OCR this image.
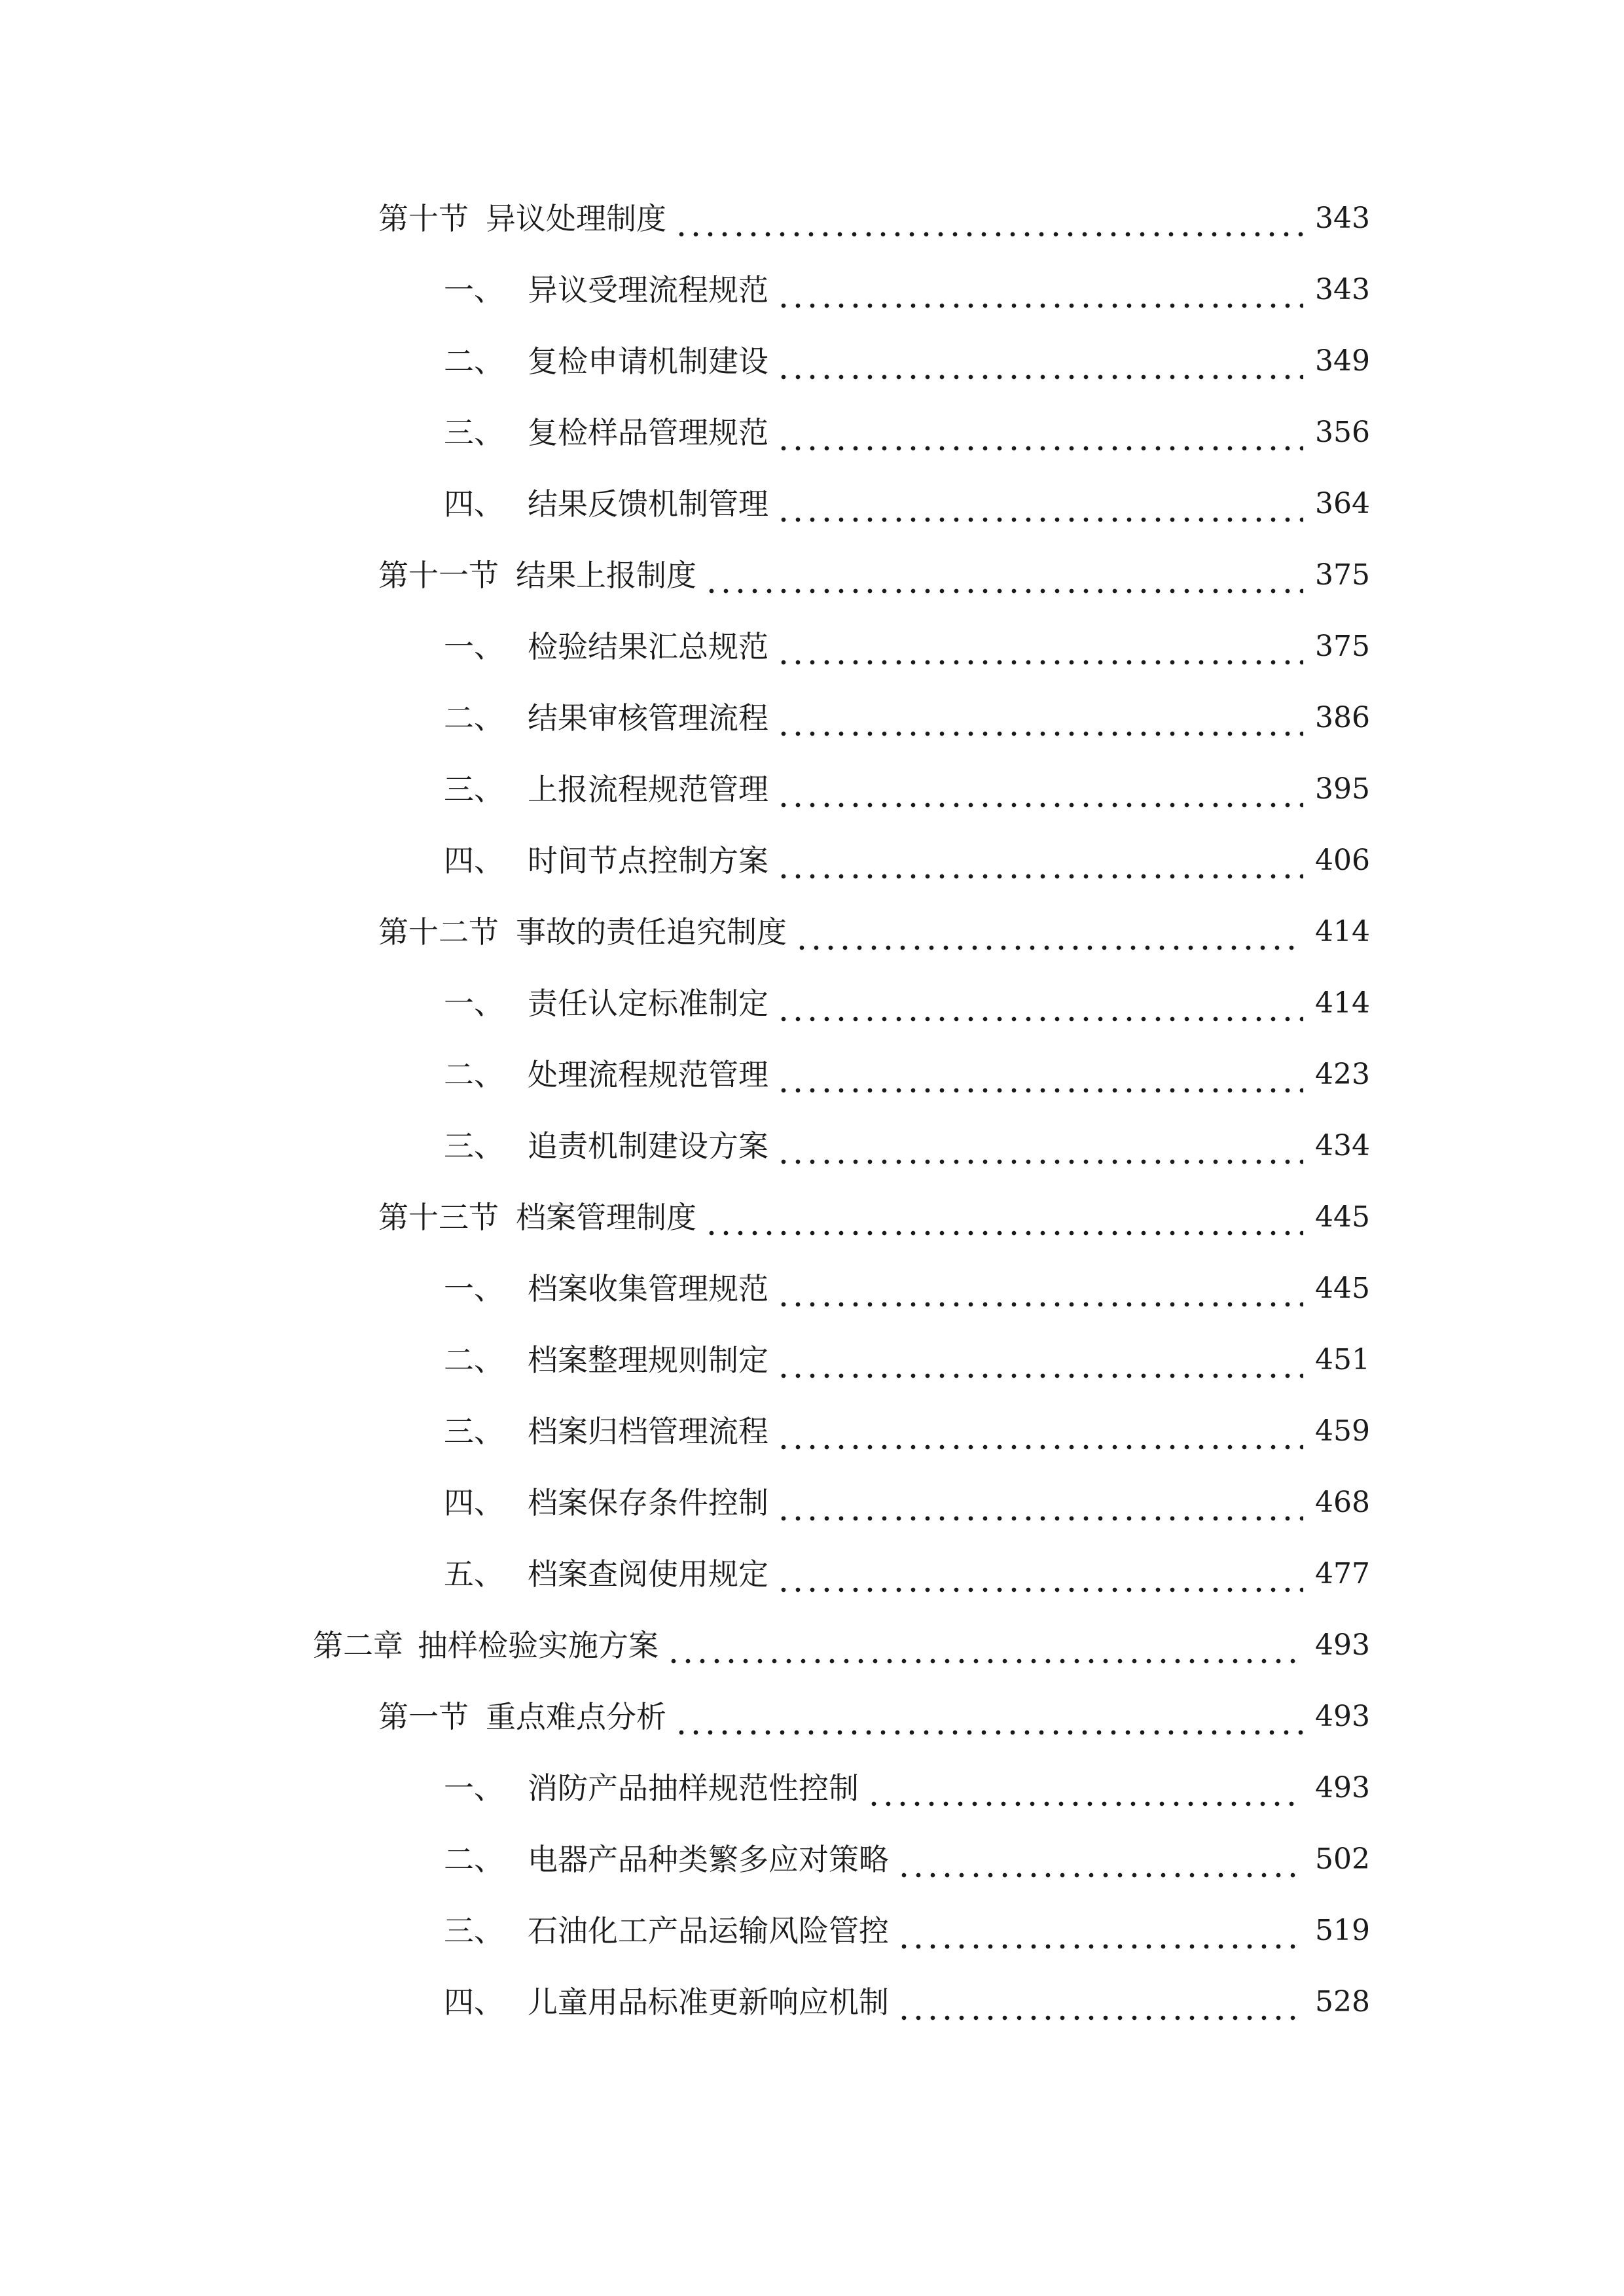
第十节 异议处理制度	343
一、 异议受理流程规范	343
二、 复检申请机制建设	349
三、 复检样品管理规范	356
四、 结果反馈机制管理	364
第十一节 结果上报制度	375
一、 检验结果汇总规范	375
二、 结果审核管理流程	386
三、 上报流程规范管理	395
四、 时间节点控制方案	406
第十二节 事故的责任追究制度	414
一、 责任认定标准制定	414
二、 处理流程规范管理	423
三、 追责机制建设方案	434
第十三节 档案管理制度	445
一、 档案收集管理规范	445
二、 档案整理规则制定	451
三、 档案归档管理流程	459
四、 档案保存条件控制	468
五、 档案查阅使用规定	477
第二章 抽样检验实施方案	493
第一节 重点难点分析	493
一、 消防产品抽样规范性控制	493
二、 电器产品种类繁多应对策略	502
三、 石油化工产品运输风险管控	519
四、 儿童用品标准更新响应机制	528
